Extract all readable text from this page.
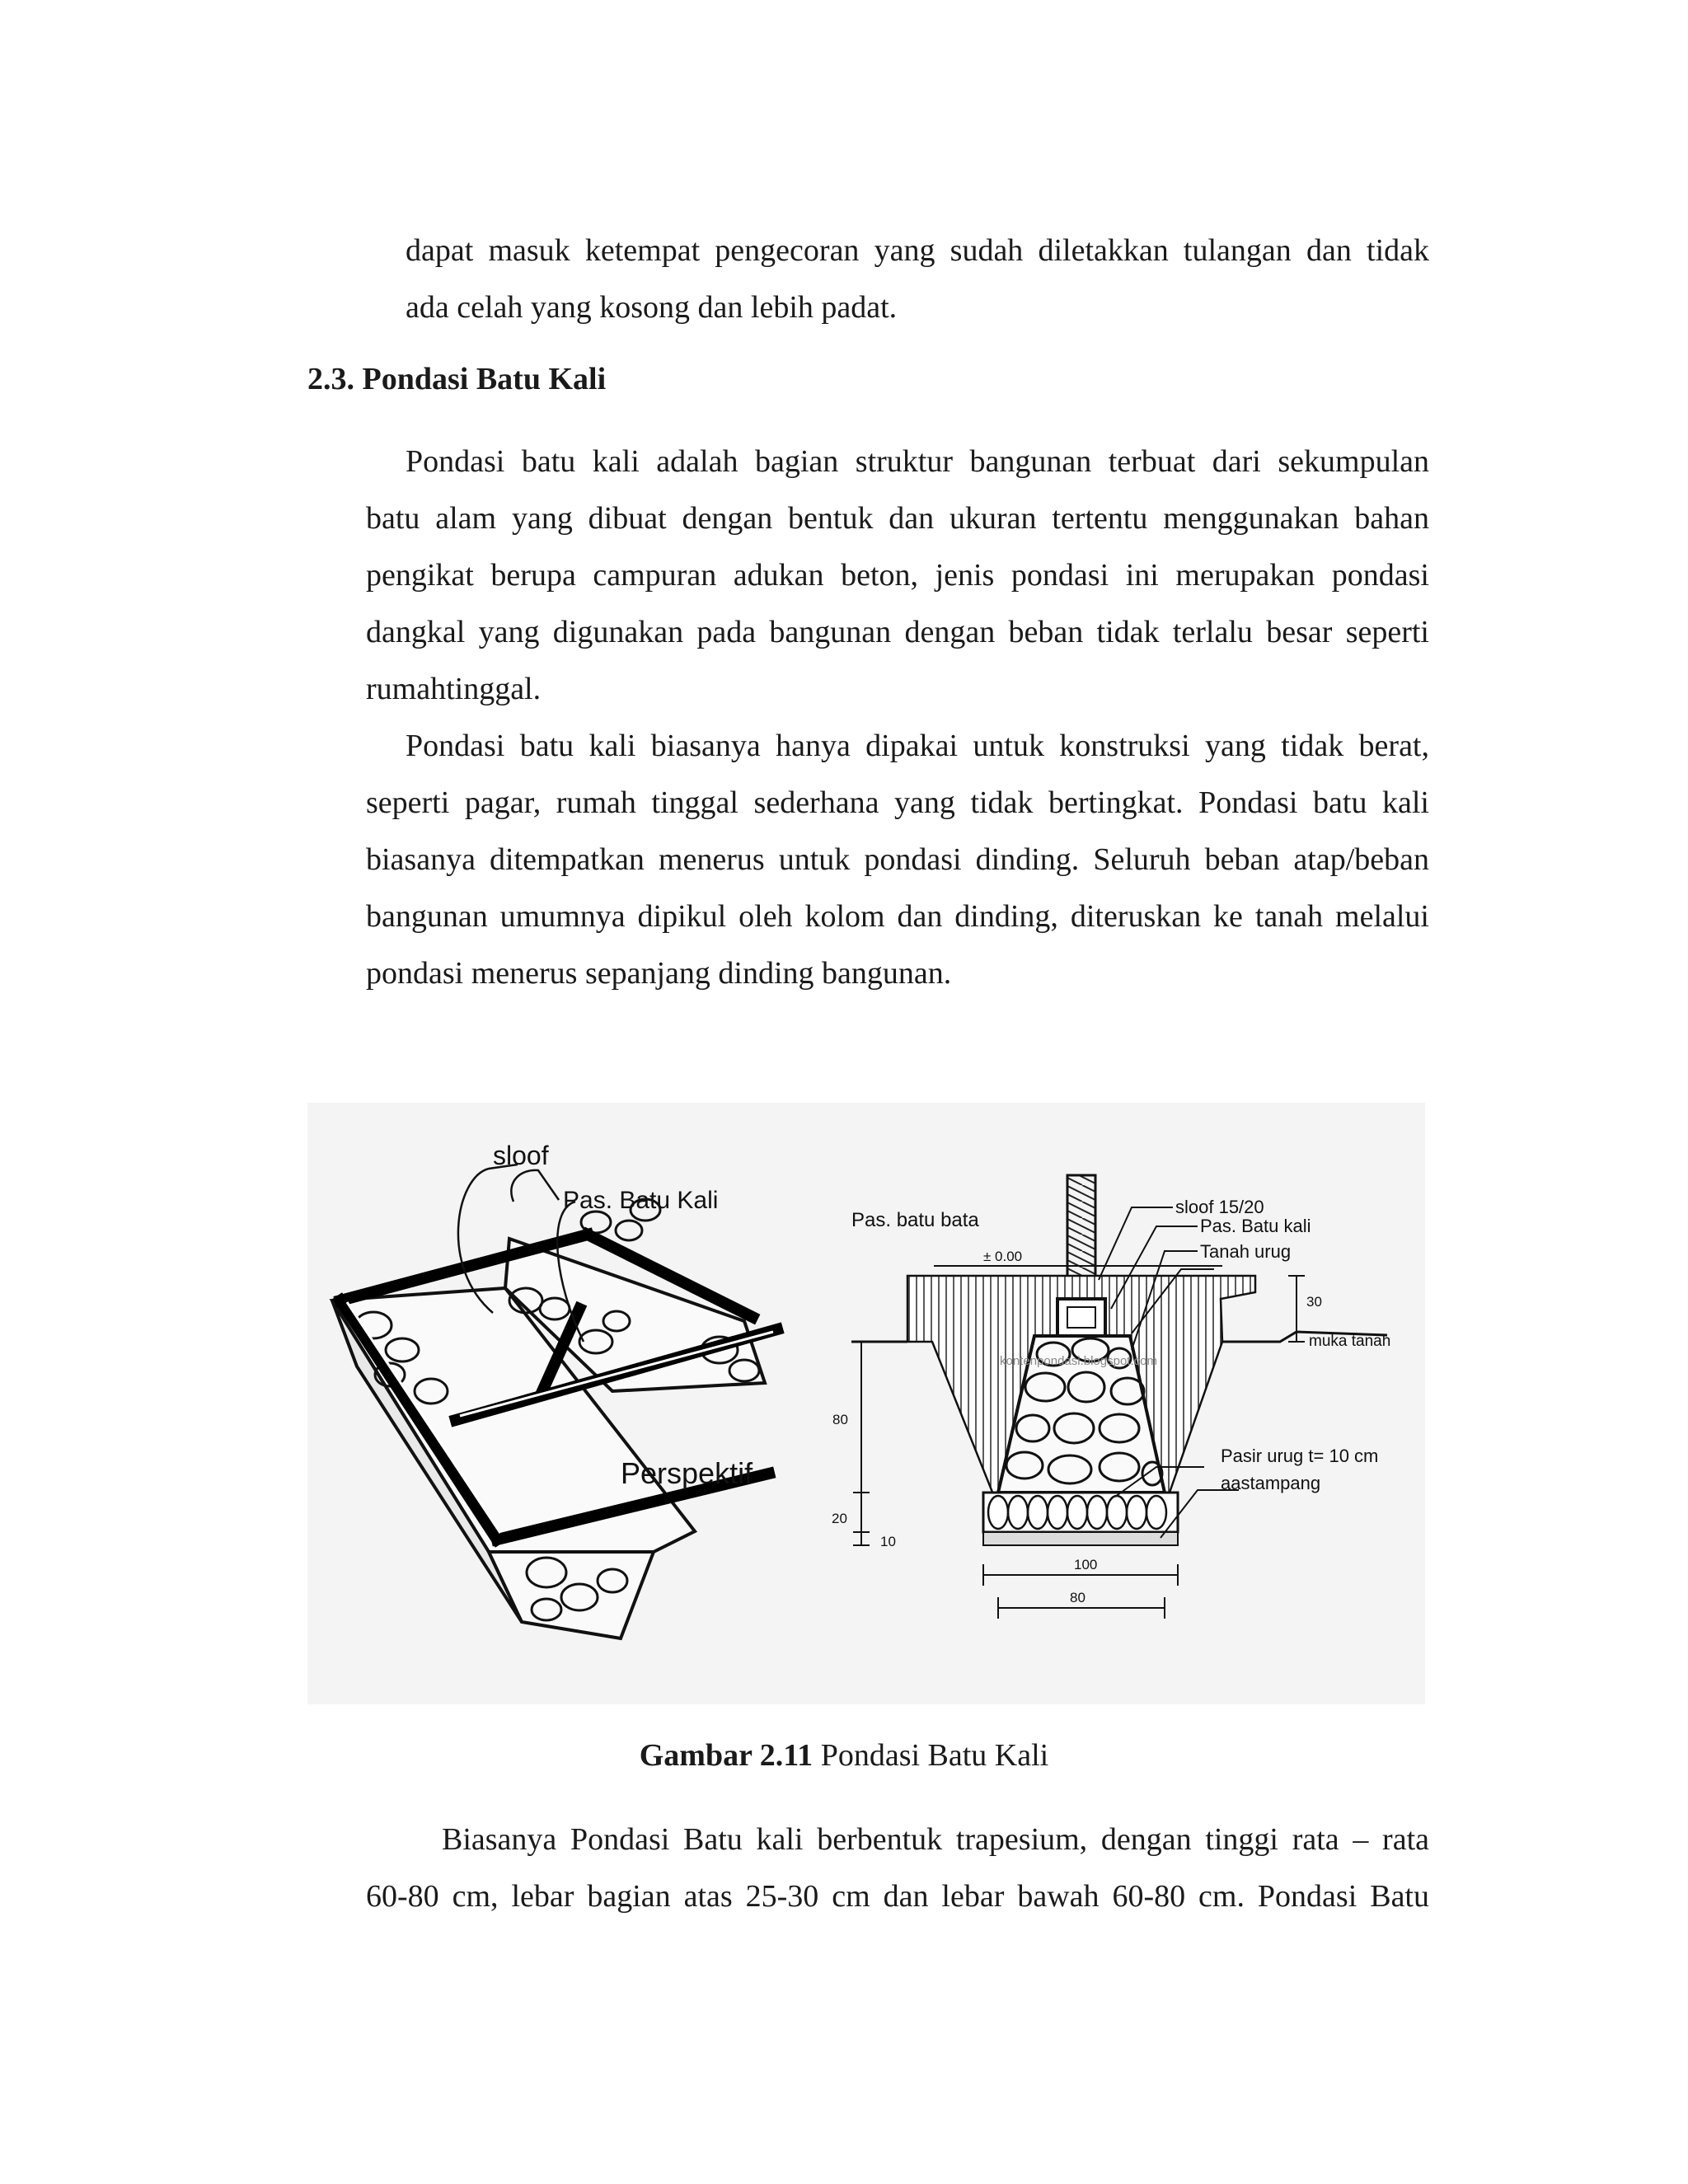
dapat masuk ketempat pengecoran yang sudah diletakkan tulangan dan tidak
ada celah yang kosong dan lebih padat.
2.3. Pondasi Batu Kali
Pondasi batu kali adalah bagian struktur bangunan terbuat dari sekumpulan
batu alam yang dibuat dengan bentuk dan ukuran tertentu menggunakan bahan
pengikat berupa campuran adukan beton, jenis pondasi ini merupakan pondasi
dangkal yang digunakan pada bangunan dengan beban tidak terlalu besar seperti
rumahtinggal.
Pondasi batu kali biasanya hanya dipakai untuk konstruksi yang tidak berat,
seperti pagar, rumah tinggal sederhana yang tidak bertingkat. Pondasi batu kali
biasanya ditempatkan menerus untuk pondasi dinding. Seluruh beban atap/beban
bangunan umumnya dipikul oleh kolom dan dinding, diteruskan ke tanah melalui
pondasi menerus sepanjang dinding bangunan.
sloof
Pas. Batu Kali
Perspektif
Pas. batu bata
± 0.00
sloof 15/20
Pas. Batu kali
Tanah urug
30
muka tanah
kontenpondasi.blogspot.com
Pasir urug t= 10 cm
aastampang
80
20
10
100
80

Gambar 2.11 Pondasi Batu Kali

Biasanya Pondasi Batu kali berbentuk trapesium, dengan tinggi rata – rata
60-80 cm, lebar bagian atas 25-30 cm dan lebar bawah 60-80 cm. Pondasi Batu
